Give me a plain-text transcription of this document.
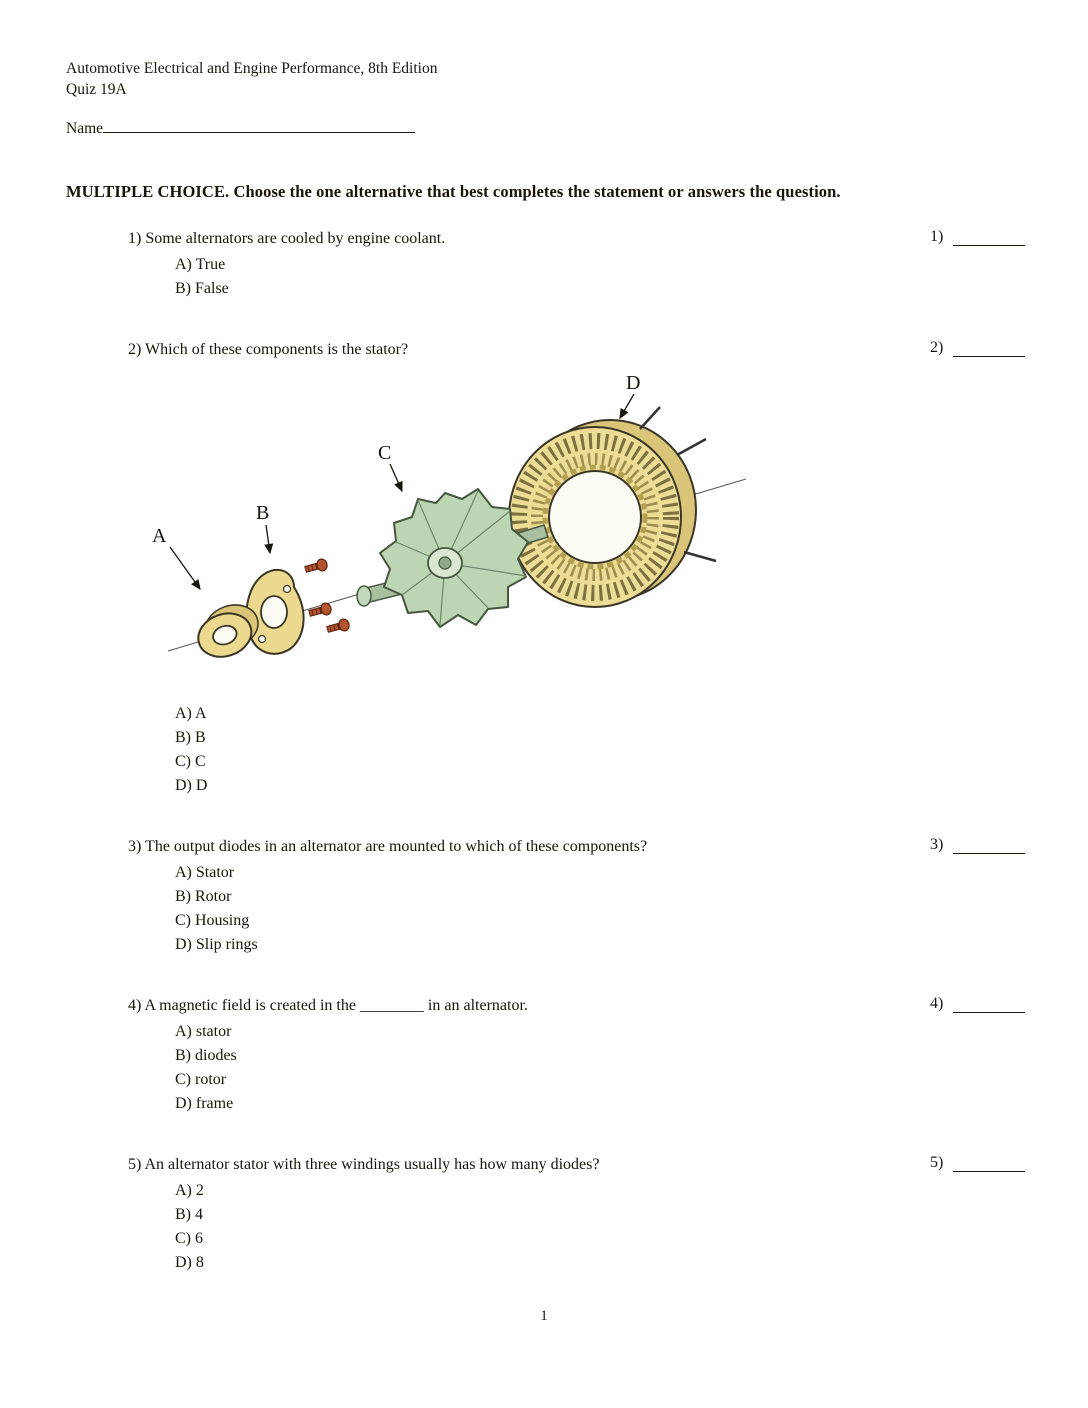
Automotive Electrical and Engine Performance, 8th Edition
Quiz 19A
Name
MULTIPLE CHOICE. Choose the one alternative that best completes the statement or answers the question.
1) Some alternators are cooled by engine coolant.	1)
A) True
B) False
2) Which of these components is the stator?	2)
A
B
C
D
A) A
B) B
C) C
D) D
3) The output diodes in an alternator are mounted to which of these components?	3)
A) Stator
B) Rotor
C) Housing
D) Slip rings
4) A magnetic field is created in the ________ in an alternator.	4)
A) stator
B) diodes
C) rotor
D) frame
5) An alternator stator with three windings usually has how many diodes?	5)
A) 2
B) 4
C) 6
D) 8
1
